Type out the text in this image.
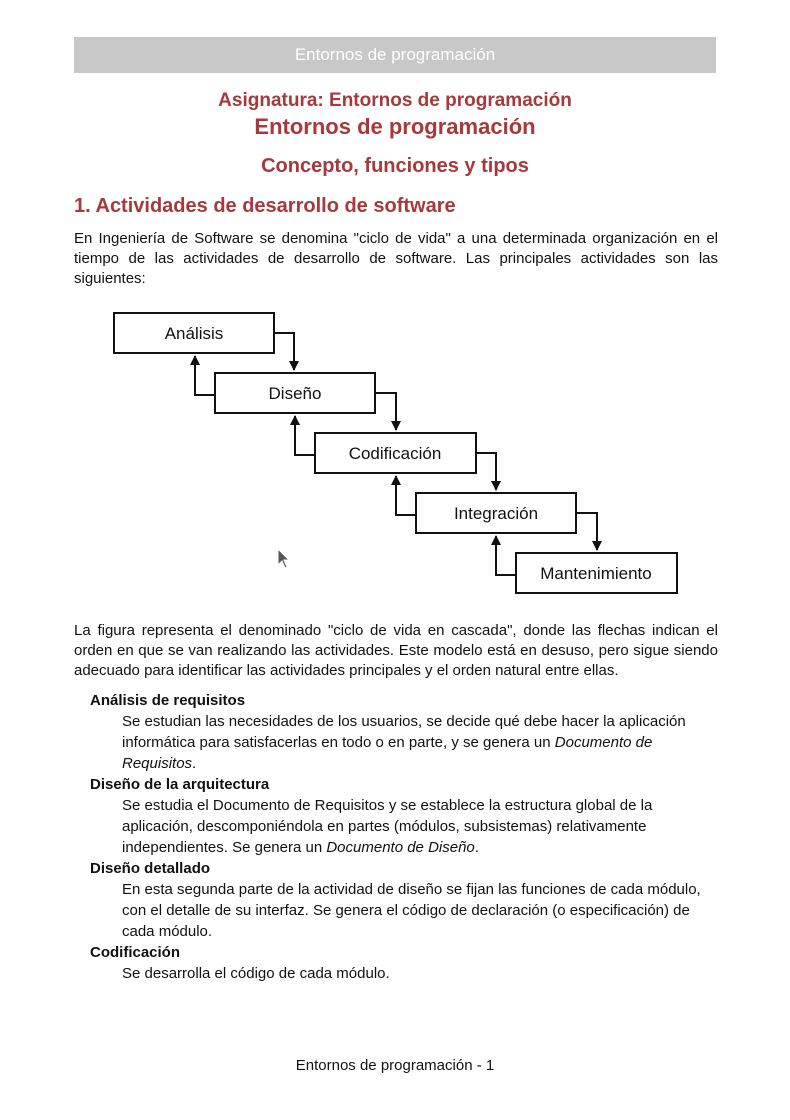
Entornos de programación
Asignatura: Entornos de programación
Entornos de programación
Concepto, funciones y tipos
1. Actividades de desarrollo de software
En Ingeniería de Software se denomina "ciclo de vida" a una determinada organización en el tiempo de las actividades de desarrollo de software. Las principales actividades son las siguientes:
Análisis
Diseño
Codificación
Integración
Mantenimiento
La figura representa el denominado "ciclo de vida en cascada", donde las flechas indican el orden en que se van realizando las actividades. Este modelo está en desuso, pero sigue siendo adecuado para identificar las actividades principales y el orden natural entre ellas.
Análisis de requisitos
Se estudian las necesidades de los usuarios, se decide qué debe hacer la aplicación informática para satisfacerlas en todo o en parte, y se genera un Documento de Requisitos.
Diseño de la arquitectura
Se estudia el Documento de Requisitos y se establece la estructura global de la aplicación, descomponiéndola en partes (módulos, subsistemas) relativamente independientes. Se genera un Documento de Diseño.
Diseño detallado
En esta segunda parte de la actividad de diseño se fijan las funciones de cada módulo, con el detalle de su interfaz. Se genera el código de declaración (o especificación) de cada módulo.
Codificación
Se desarrolla el código de cada módulo.
Entornos de programación - 1
